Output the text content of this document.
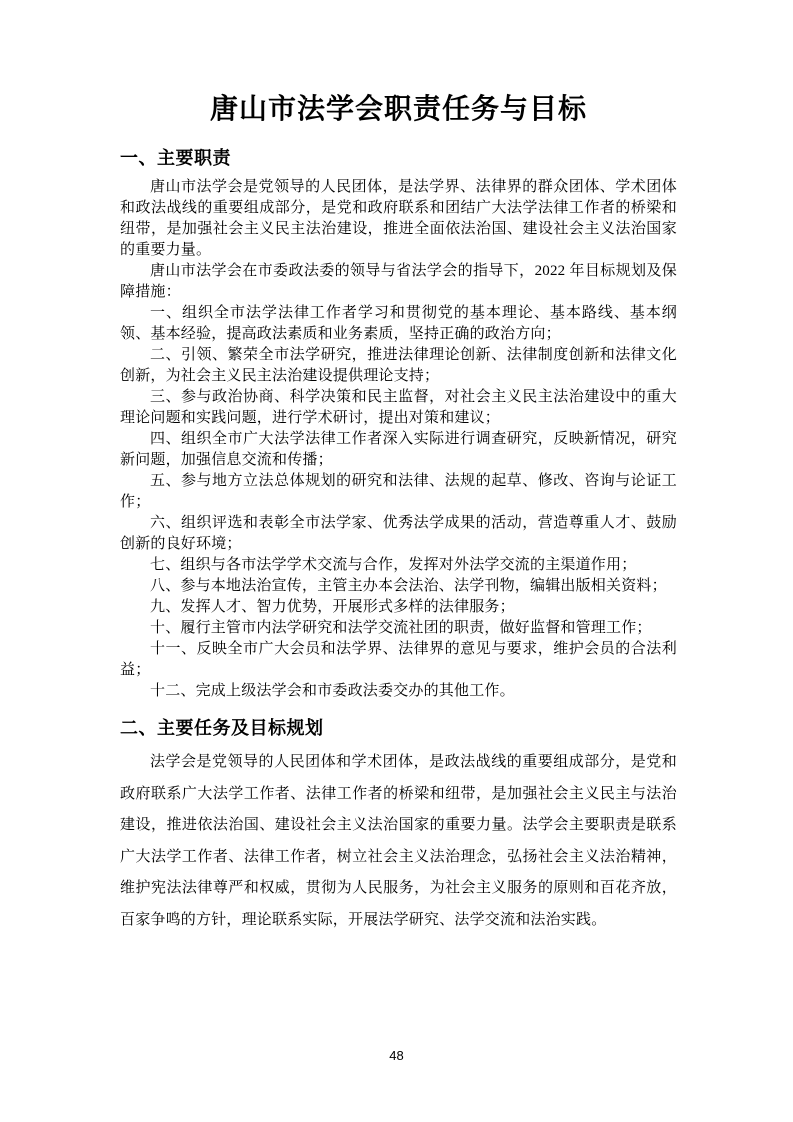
唐山市法学会职责任务与目标
一、主要职责

唐山市法学会是党领导的人民团体，是法学界、法律界的群众团体、学术团体和政法战线的重要组成部分，是党和政府联系和团结广大法学法律工作者的桥梁和纽带，是加强社会主义民主法治建设，推进全面依法治国、建设社会主义法治国家的重要力量。

唐山市法学会在市委政法委的领导与省法学会的指导下，2022 年目标规划及保障措施：

一、组织全市法学法律工作者学习和贯彻党的基本理论、基本路线、基本纲领、基本经验，提高政法素质和业务素质，坚持正确的政治方向；

二、引领、繁荣全市法学研究，推进法律理论创新、法律制度创新和法律文化创新，为社会主义民主法治建设提供理论支持；

三、参与政治协商、科学决策和民主监督，对社会主义民主法治建设中的重大理论问题和实践问题，进行学术研讨，提出对策和建议；

四、组织全市广大法学法律工作者深入实际进行调查研究，反映新情况，研究新问题，加强信息交流和传播；

五、参与地方立法总体规划的研究和法律、法规的起草、修改、咨询与论证工作；

六、组织评选和表彰全市法学家、优秀法学成果的活动，营造尊重人才、鼓励创新的良好环境；

七、组织与各市法学学术交流与合作，发挥对外法学交流的主渠道作用；

八、参与本地法治宣传，主管主办本会法治、法学刊物，编辑出版相关资料；

九、发挥人才、智力优势，开展形式多样的法律服务；

十、履行主管市内法学研究和法学交流社团的职责，做好监督和管理工作；

十一、反映全市广大会员和法学界、法律界的意见与要求，维护会员的合法利益；

十二、完成上级法学会和市委政法委交办的其他工作。

二、主要任务及目标规划

法学会是党领导的人民团体和学术团体，是政法战线的重要组成部分，是党和政府联系广大法学工作者、法律工作者的桥梁和纽带，是加强社会主义民主与法治建设，推进依法治国、建设社会主义法治国家的重要力量。法学会主要职责是联系广大法学工作者、法律工作者，树立社会主义法治理念，弘扬社会主义法治精神，维护宪法法律尊严和权威，贯彻为人民服务，为社会主义服务的原则和百花齐放，百家争鸣的方针，理论联系实际，开展法学研究、法学交流和法治实践。

48
